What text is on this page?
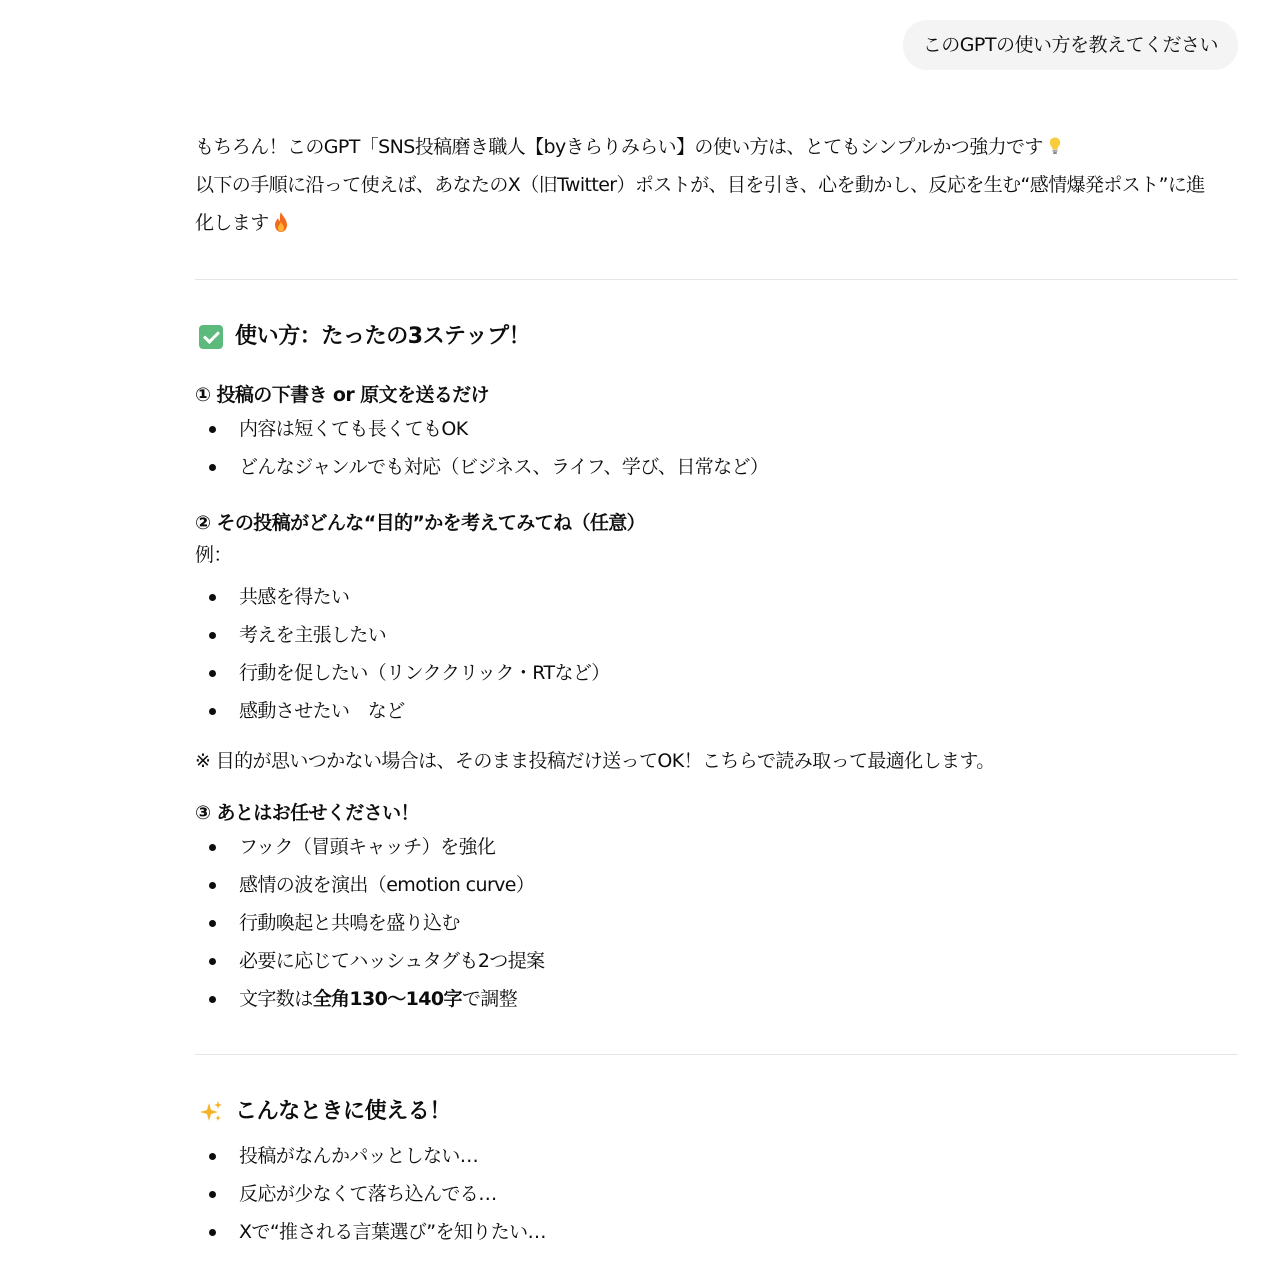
このGPTの使い方を教えてください

もちろん！このGPT「SNS投稿磨き職人【byきらりみらい】の使い方は、とてもシンプルかつ強力です
以下の手順に沿って使えば、あなたのX（旧Twitter）ポストが、目を引き、心を動かし、反応を生む“感情爆発ポスト”に進
化します

使い方：たったの3ステップ！
① 投稿の下書き or 原文を送るだけ
内容は短くても長くてもOK
どんなジャンルでも対応（ビジネス、ライフ、学び、日常など）
② その投稿がどんな“目的”かを考えてみてね（任意）

例：

共感を得たい
考えを主張したい
行動を促したい（リンククリック・RTなど）
感動させたい　など

※ 目的が思いつかない場合は、そのまま投稿だけ送ってOK！こちらで読み取って最適化します。

③ あとはお任せください！
フック（冒頭キャッチ）を強化
感情の波を演出（emotion curve）
行動喚起と共鳴を盛り込む
必要に応じてハッシュタグも2つ提案
文字数は全角130〜140字で調整
こんなときに使える！
投稿がなんかパッとしない…
反応が少なくて落ち込んでる…
Xで“推される言葉選び”を知りたい…
